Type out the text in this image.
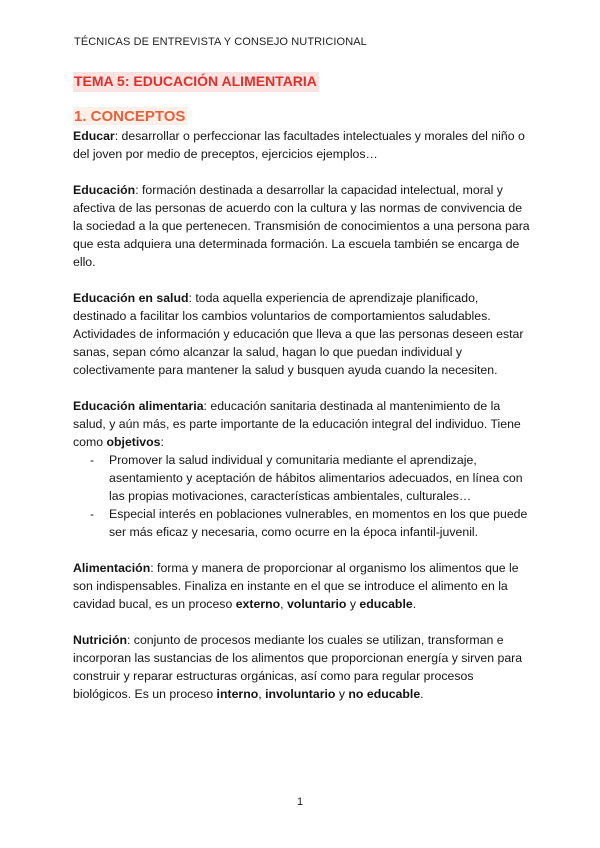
TÉCNICAS DE ENTREVISTA Y CONSEJO NUTRICIONAL
TEMA 5: EDUCACIÓN ALIMENTARIA
1. CONCEPTOS

Educar: desarrollar o perfeccionar las facultades intelectuales y morales del niño o del joven por medio de preceptos, ejercicios ejemplos…

Educación: formación destinada a desarrollar la capacidad intelectual, moral y afectiva de las personas de acuerdo con la cultura y las normas de convivencia de la sociedad a la que pertenecen. Transmisión de conocimientos a una persona para que esta adquiera una determinada formación. La escuela también se encarga de ello.

Educación en salud: toda aquella experiencia de aprendizaje planificado, destinado a facilitar los cambios voluntarios de comportamientos saludables. Actividades de información y educación que lleva a que las personas deseen estar sanas, sepan cómo alcanzar la salud, hagan lo que puedan individual y colectivamente para mantener la salud y busquen ayuda cuando la necesiten.

Educación alimentaria: educación sanitaria destinada al mantenimiento de la salud, y aún más, es parte importante de la educación integral del individuo. Tiene como objetivos:

- Promover la salud individual y comunitaria mediante el aprendizaje, asentamiento y aceptación de hábitos alimentarios adecuados, en línea con las propias motivaciones, características ambientales, culturales…
- Especial interés en poblaciones vulnerables, en momentos en los que puede ser más eficaz y necesaria, como ocurre en la época infantil-juvenil.

Alimentación: forma y manera de proporcionar al organismo los alimentos que le son indispensables. Finaliza en instante en el que se introduce el alimento en la cavidad bucal, es un proceso externo, voluntario y educable.

Nutrición: conjunto de procesos mediante los cuales se utilizan, transforman e incorporan las sustancias de los alimentos que proporcionan energía y sirven para construir y reparar estructuras orgánicas, así como para regular procesos biológicos. Es un proceso interno, involuntario y no educable.

1
